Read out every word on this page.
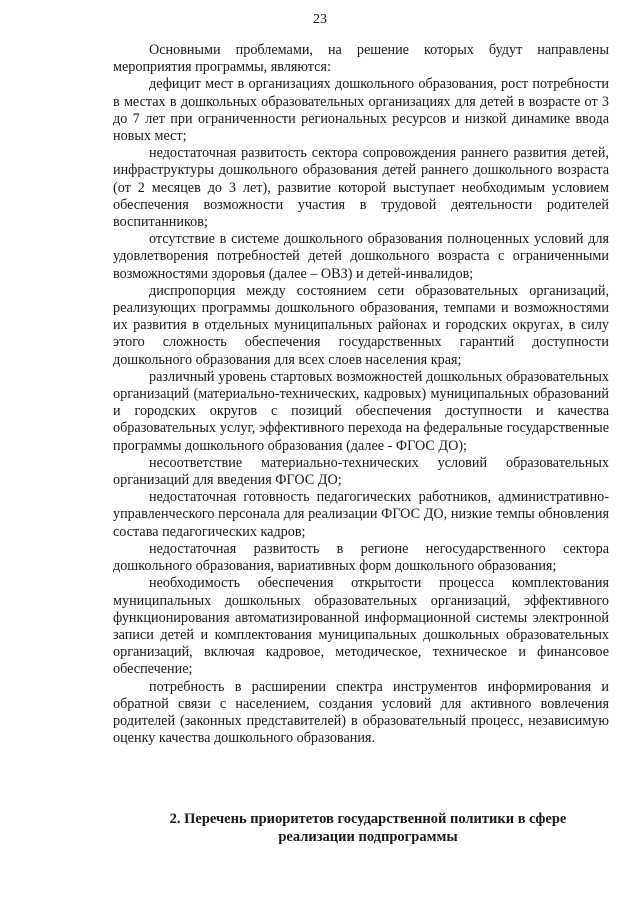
23

Основными проблемами, на решение которых будут направлены мероприятия программы, являются:

дефицит мест в организациях дошкольного образования, рост потребности в местах в дошкольных образовательных организациях для детей в возрасте от 3 до 7 лет при ограниченности региональных ресурсов и низкой динамике ввода новых мест;

недостаточная развитость сектора сопровождения раннего развития детей, инфраструктуры дошкольного образования детей раннего дошкольного возраста (от 2 месяцев до 3 лет), развитие которой выступает необходимым условием обеспечения возможности участия в трудовой деятельности родителей воспитанников;

отсутствие в системе дошкольного образования полноценных условий для удовлетворения потребностей детей дошкольного возраста с ограниченными возможностями здоровья (далее – ОВЗ) и детей-инвалидов;

диспропорция между состоянием сети образовательных организаций, реализующих программы дошкольного образования, темпами и возможностями их развития в отдельных муниципальных районах и городских округах, в силу этого сложность обеспечения государственных гарантий доступности дошкольного образования для всех слоев населения края;

различный уровень стартовых возможностей дошкольных образовательных организаций (материально-технических, кадровых) муниципальных образований и городских округов с позиций обеспечения доступности и качества образовательных услуг, эффективного перехода на федеральные государственные программы дошкольного образования (далее - ФГОС ДО);

несоответствие материально-технических условий образовательных организаций для введения ФГОС ДО;

недостаточная готовность педагогических работников, административно-управленческого персонала для реализации ФГОС ДО, низкие темпы обновления состава педагогических кадров;

недостаточная развитость в регионе негосударственного сектора дошкольного образования, вариативных форм дошкольного образования;

необходимость обеспечения открытости процесса комплектования муниципальных дошкольных образовательных организаций, эффективного функционирования автоматизированной информационной системы электронной записи детей и комплектования муниципальных дошкольных образовательных организаций, включая кадровое, методическое, техническое и финансовое обеспечение;

потребность в расширении спектра инструментов информирования и обратной связи с населением, создания условий для активного вовлечения родителей (законных представителей) в образовательный процесс, независимую оценку качества дошкольного образования.

2. Перечень приоритетов государственной политики в сфере
реализации подпрограммы
